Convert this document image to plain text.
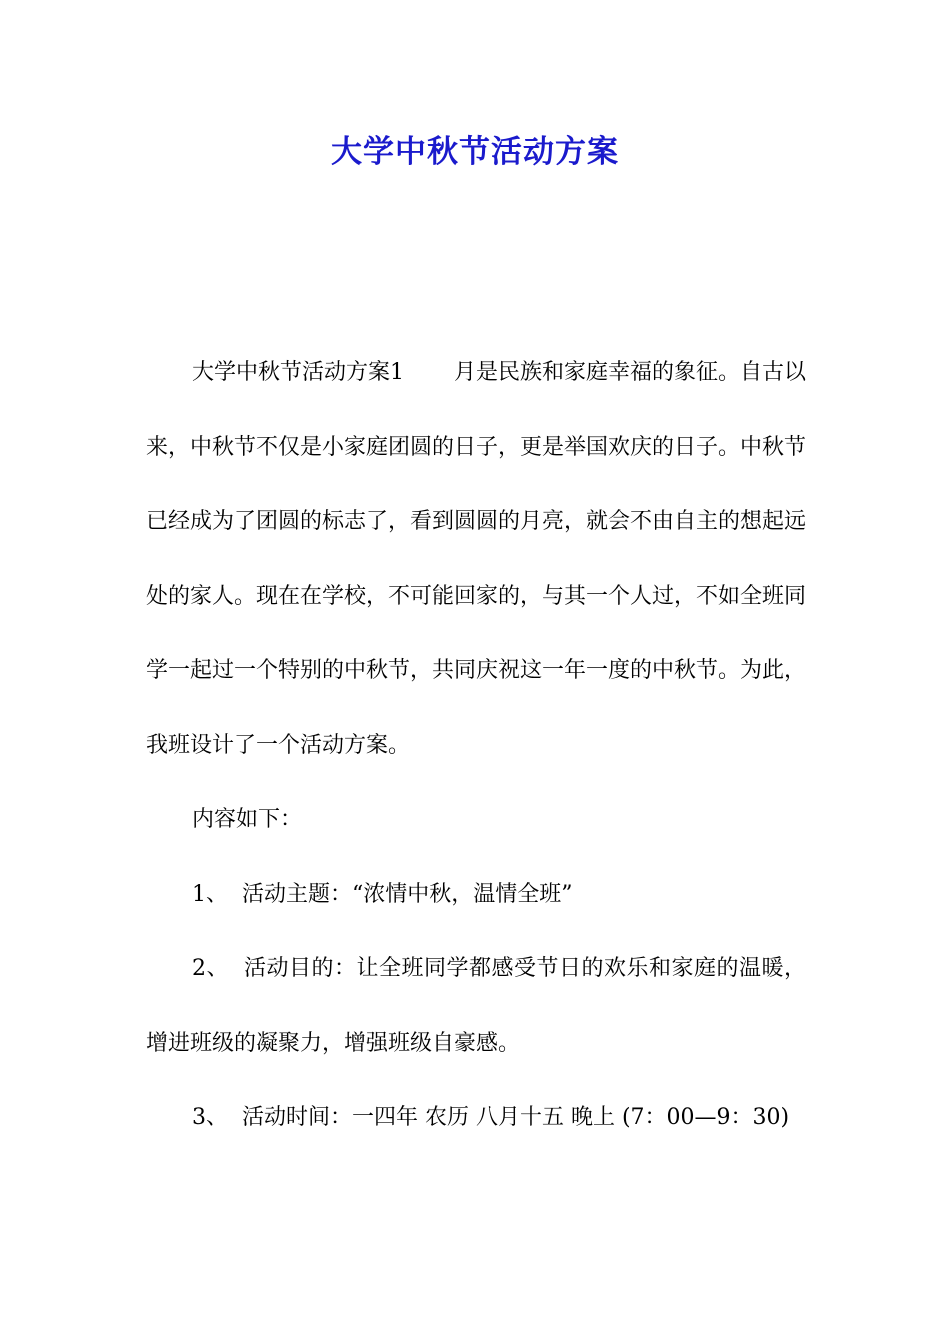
大学中秋节活动方案

大学中秋节活动方案1 月是民族和家庭幸福的象征。自古以来，中秋节不仅是小家庭团圆的日子，更是举国欢庆的日子。中秋节已经成为了团圆的标志了，看到圆圆的月亮，就会不由自主的想起远处的家人。现在在学校，不可能回家的，与其一个人过，不如全班同学一起过一个特别的中秋节，共同庆祝这一年一度的中秋节。为此，我班设计了一个活动方案。

内容如下：

1、 活动主题：“浓情中秋，温情全班”

2、 活动目的：让全班同学都感受节日的欢乐和家庭的温暖，增进班级的凝聚力，增强班级自豪感。

3、 活动时间：一四年 农历 八月十五 晚上 (7：00—9：30)
